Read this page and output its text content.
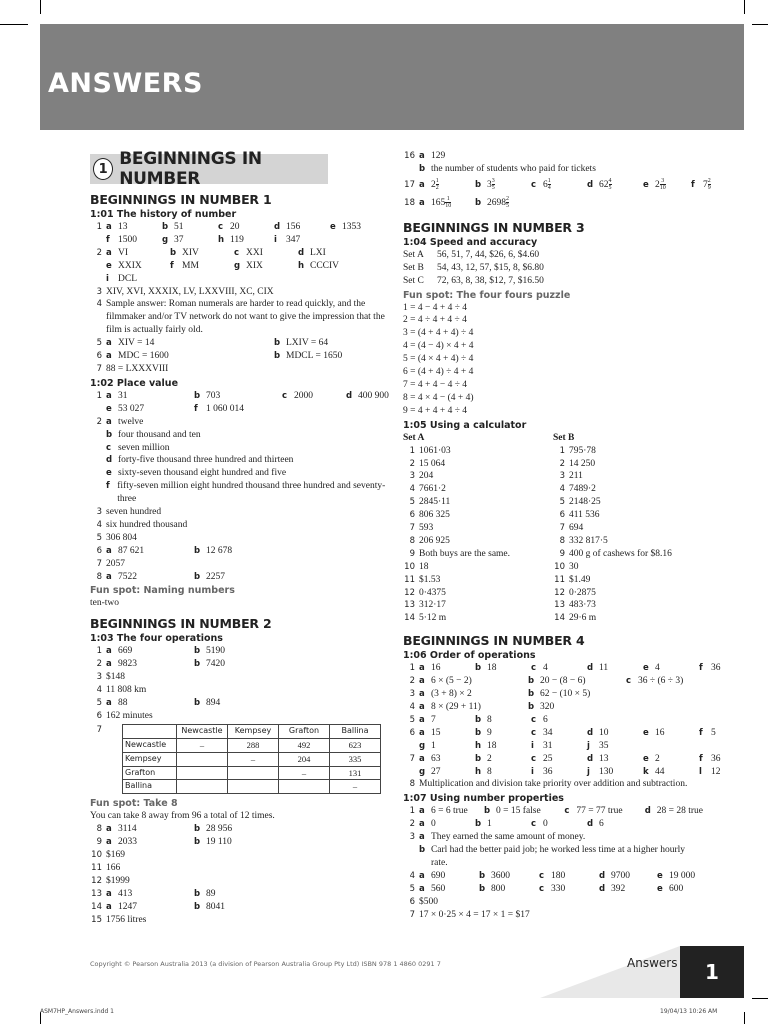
ANSWERS
1 BEGINNINGS IN NUMBER
BEGINNINGS IN NUMBER 1
1:01 The history of number
1 a 13	b 51	c 20	d 156	e 1353
f 1500	g 37	h 119	i 347
2 a VI	b XIV	c XXI	d LXI
e XXIX	f MM	g XIX	h CCCIV
i DCL
3 XIV, XVI, XXXIX, LV, LXXVIII, XC, CIX
4 Sample answer: Roman numerals are harder to read quickly, and the filmmaker and/or TV network do not want to give the impression that the film is actually fairly old.
5 a XIV = 14	b LXIV = 64
6 a MDC = 1600	b MDCL = 1650
7 88 = LXXXVIII
1:02 Place value
1 a 31	b 703	c 2000	d 400 900
e 53 027	f 1 060 014
2 a twelve
b four thousand and ten
c seven million
d forty-five thousand three hundred and thirteen
e sixty-seven thousand eight hundred and five
f fifty-seven million eight hundred thousand three hundred and seventy-three
3 seven hundred
4 six hundred thousand
5 306 804
6 a 87 621	b 12 678
7 2057
8 a 7522	b 2257
Fun spot: Naming numbers
ten-two
BEGINNINGS IN NUMBER 2
1:03 The four operations
1 a 669	b 5190
2 a 9823	b 7420
3 $148
4 11 808 km
5 a 88	b 894
6 162 minutes
7
		Newcastle	Kempsey	Grafton	Ballina
Newcastle	–	288	492	623
Kempsey		–	204	335
Grafton			–	131
Ballina				–
Fun spot: Take 8
You can take 8 away from 96 a total of 12 times.
8 a 3114	b 28 956
9 a 2033	b 19 110
10 $169
11 166
12 $1999
13 a 413	b 89
14 a 1247	b 8041
15 1756 litres
16 a 129
b the number of students who paid for tickets
17 a $2 \frac{1}{2}$	b $3 \frac{3}{5}$	c $6 \frac{1}{4}$	d $62 \frac{4}{5}$	e $2 \frac{3}{10}$	f $7 \frac{2}{9}$
18 a $165 \frac{1}{10}$	b $2698 \frac{2}{5}$
BEGINNINGS IN NUMBER 3
1:04 Speed and accuracy
Set A	56, 51, 7, 44, $26, 6, $4.60
Set B	54, 43, 12, 57, $15, 8, $6.80
Set C	72, 63, 8, 38, $12, 7, $16.50
Fun spot: The four fours puzzle
1 = 4 − 4 + 4 ÷ 4
2 = 4 ÷ 4 + 4 ÷ 4
3 = (4 + 4 + 4) ÷ 4
4 = (4 − 4) × 4 + 4
5 = (4 × 4 + 4) ÷ 4
6 = (4 + 4) ÷ 4 + 4
7 = 4 + 4 − 4 ÷ 4
8 = 4 × 4 − (4 + 4)
9 = 4 + 4 + 4 ÷ 4
1:05 Using a calculator
Set A
1 1061·03
2 15 064
3 204
4 7661·2
5 2845·11
6 806 325
7 593
8 206 925
9 Both buys are the same.
10 18
11 $1.53
12 0·4375
13 312·17
14 5·12 m
Set B
1 795·78
2 14 250
3 211
4 7489·2
5 2148·25
6 411 536
7 694
8 332 817·5
9 400 g of cashews for $8.16
10 30
11 $1.49
12 0·2875
13 483·73
14 29·6 m
BEGINNINGS IN NUMBER 4
1:06 Order of operations
1 a 16	b 18	c 4	d 11	e 4	f 36
2 a 6 × (5 − 2)	b 20 − (8 − 6)	c 36 ÷ (6 ÷ 3)
3 a (3 + 8) × 2	b 62 − (10 × 5)
4 a 8 × (29 + 11)	b 320
5 a 7	b 8	c 6
6 a 15	b 9	c 34	d 10	e 16	f 5
g 1	h 18	i 31	j 35
7 a 63	b 2	c 25	d 13	e 2	f 36
g 27	h 8	i 36	j 130	k 44	l 12
8 Multiplication and division take priority over addition and subtraction.
1:07 Using number properties
1 a 6 = 6 true	b 0 = 15 false	c 77 = 77 true	d 28 = 28 true
2 a 0	b 1	c 0	d 6
3 a They earned the same amount of money.
b Carl had the better paid job; he worked less time at a higher hourly rate.
4 a 690	b 3600	c 180	d 9700	e 19 000
5 a 560	b 800	c 330	d 392	e 600
6 $500
7 17 × 0·25 × 4 = 17 × 1 = $17
Copyright © Pearson Australia 2013 (a division of Pearson Australia Group Pty Ltd) ISBN 978 1 4860 0291 7	Answers	1
ASM7HP_Answers.indd 1	19/04/13 10:26 AM
